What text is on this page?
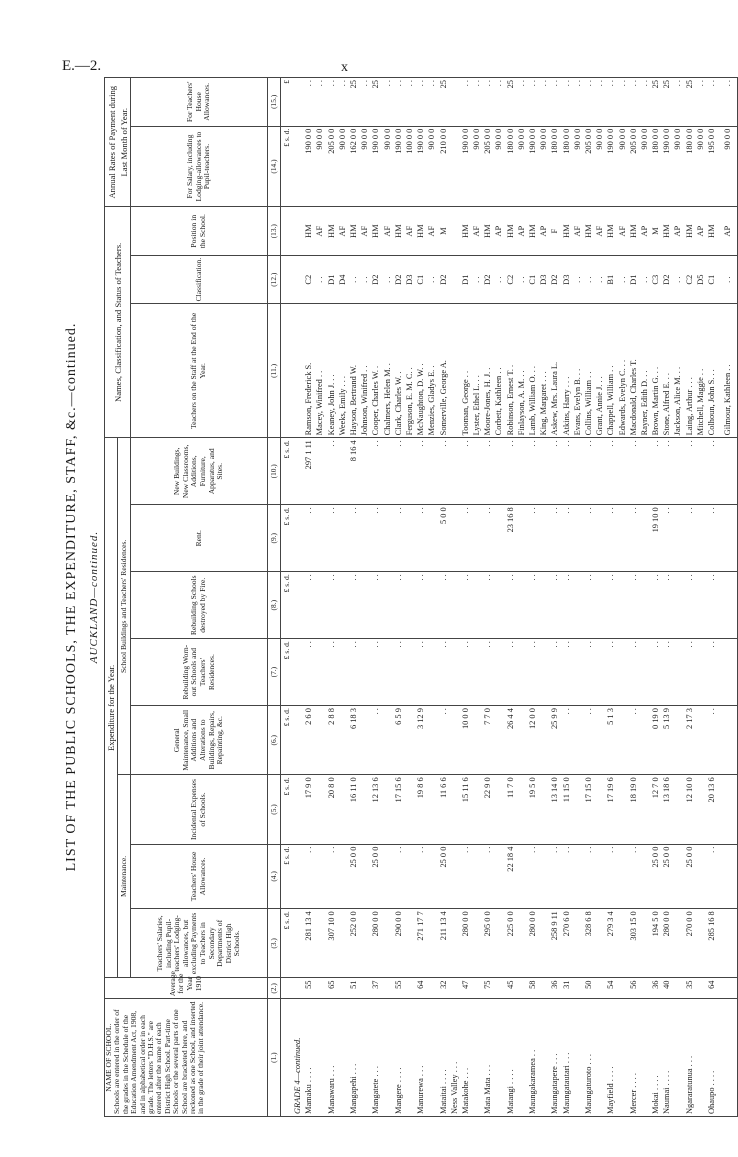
E.—2.	x
LIST OF THE PUBLIC SCHOOLS, THE EXPENDITURE, STAFF, &c.—continued. AUCKLAND—continued.
NAME OF SCHOOL. Schools are entered in the order of the grades in the Schedule of the Education Amendment Act, 1908, and in alphabetical order in each grade. The letters "D.H.S." are entered after the name of each District High School. Part-time Schools or the several parts of one School are bracketed here, and reckoned as one School, and inserted in the grade of their joint attendance.	Average for the Year 1910	Expenditure for the Year.								Names, Classification, and Status of Teachers.			Annual Rates of Payment during Last Month of Year.	
		Maintenance.			School Buildings and Teachers' Residences.									
		Teachers' Salaries, including Pupil-teachers' Lodging-allowances, but excluding Payments to Teachers in Secondary Departments of District High Schools.	Teachers' House Allowances.	Incidental Expenses of Schools.	General Maintenance, Small Additions and Alterations to Buildings, Repairs, Repainting, &c.	Rebuilding Worn-out Schools and Teachers' Residences.	Rebuilding Schools destroyed by Fire.	Rent.	New Buildings, New Classrooms, Additions, Furniture, Apparatus, and Sites.	Teachers on the Staff at the End of the Year.	Classification.	Position in the School.	For Salary, including Lodging-allowances to Pupil-teachers.	For Teachers' House Allowances.
(1.)	(2.)	(3.)	(4.)	(5.)	(6.)	(7.)	(8.)	(9.)	(10.)	(11.)	(12.)	(13.)	(14.)	(15.)
		£ s. d.	£ s. d.	£ s. d.	£ s. d.	£ s. d.	£ s. d.	£ s. d.	£ s. d.				£ s. d.	£
GRADE 4—continued.														
Mamaku . . . .	55	281 13 4	. .	17 9 0	2 6 0	. .	. .	. .	297 1 11	Ramson, Frederick S.	C2	HM	190 0 0	. .
										Macey, Winifred . .	. .	AF	90 0 0	. .
Manawaru . . .	65	307 10 0	. .	20 8 0	2 8 8	. .	. .	. .	. .	Keaney, John J. . .	D1	HM	205 0 0	. .
										Weeks, Emily . . .	D4	AF	90 0 0	. .
Mangapehi . . .	51	252 0 0	25 0 0	16 11 0	6 18 3	. .	. .	. .	8 16 4	Hayson, Bertrand W.	. .	HM	162 0 0	25
										Johnson, Winifred . .	. .	AF	90 0 0	. .
Mangatete . . .	37	280 0 0	25 0 0	12 13 6	. .	. .	. .	. .	. .	Cooper, Charles W. .	D2	HM	190 0 0	25
										Chalmers, Helen M. .	. .	AF	90 0 0	. .
Mangere . . . .	55	290 0 0	. .	17 15 6	6 5 9	. .	. .	. .	. .	Clark, Charles W. .	D2	HM	190 0 0	. .
										Ferguson, E. M. C. .	D3	AF	100 0 0	. .
Manurewa . . .	64	271 17 7	. .	19 8 6	3 12 9	. .	. .	. .	. .	McNaughton, D. W. .	C1	HM	190 0 0	. .
										Menzies, Gladys E. .	. .	AF	90 0 0	. .
Mataitai . . . .	32	211 13 4	25 0 0	11 6 6	. .	. .	. .	5 0 0	. .	Somerville, George A.	D2	M	210 0 0	25
Ness Valley . . .														
Matakohe . . .	47	280 0 0	. .	15 11 6	10 0 0	. .	. .	. .	. .	Tooman, George . .	D1	HM	190 0 0	. .
										Lyster, Ethel L. . .	. .	AF	90 0 0	. .
Mata Mata . . .	75	295 0 0	. .	22 9 0	7 7 0	. .	. .	. .	. .	Moore-Jones, H. J. .	D2	HM	205 0 0	. .
										Corbett, Kathleen . .	. .	AP	90 0 0	. .
Matangi . . . .	45	225 0 0	22 18 4	11 7 0	26 4 4	. .	. .	23 16 8	. .	Robinson, Ernest T. .	C2	HM	180 0 0	25
										Finlayson, A. M. . .	. .	AP	90 0 0	. .
Maungakaramea . .	58	280 0 0	. .	19 5 0	12 0 0	. .	. .	. .	. .	Lamb, William O. . .	C1	HM	190 0 0	. .
										King, Margaret . . .	D3	AP	90 0 0	. .
Maungatapere . . .	36	258 9 11	. .	13 14 0	25 9 9	. .	. .	. .	. .	Askew, Mrs. Laura L.	D2	F	180 0 0	. .
Maungatautari . . .	31	270 6 0	. .	11 15 0	. .	. .	. .	. .	. .	Atkins, Harry . . .	D3	HM	180 0 0	. .
										Evans, Evelyn B. . .	. .	AF	90 0 0	. .
Maungaturoto . . .	50	328 6 8	. .	17 15 0	. .	. .	. .	. .	. .	Collins, William . .	. .	HM	205 0 0	. .
										Grant, Annie J. . .	. .	AF	90 0 0	. .
Mayfield . . . .	54	279 3 4	. .	17 19 6	5 1 3	. .	. .	. .	. .	Chappell, William . .	B1	HM	190 0 0	. .
										Edwards, Evelyn C. . .	. .	AF	90 0 0	. .
Mercer . . . .	56	303 15 0	. .	18 19 0	. .	. .	. .	. .	. .	Macdonald, Charles T.	D1	HM	205 0 0	. .
										Rayner, Edith D. . .	. .	AP	90 0 0	. .
Mokai . . . .	36	194 5 0	25 0 0	12 7 0	0 19 0	. .	. .	19 10 0	. .	Brown, Martin G. . .	C3	M	180 0 0	25
Naumai . . . .	40	280 0 0	25 0 0	13 18 6	5 13 9	. .	. .	. .	. .	Stone, Alfred E. . .	D2	HM	190 0 0	25
										Jackson, Alice M. . .	. .	AP	90 0 0	. .
Ngararatunua . . .	35	270 0 0	25 0 0	12 10 0	2 17 3	. .	. .	. .	. .	Laing, Arthur . . .	C2	HM	180 0 0	25
										Mitchell, Maggie . .	D5	AP	90 0 0	. .
Ohaupo . . . .	64	285 16 8	. .	20 13 6	. .	. .	. .	. .	. .	Colhoun, John S. . .	C1	HM	195 0 0	. .
										Gilmour, Kathleen . .	. .	AP	90 0 0	. .
